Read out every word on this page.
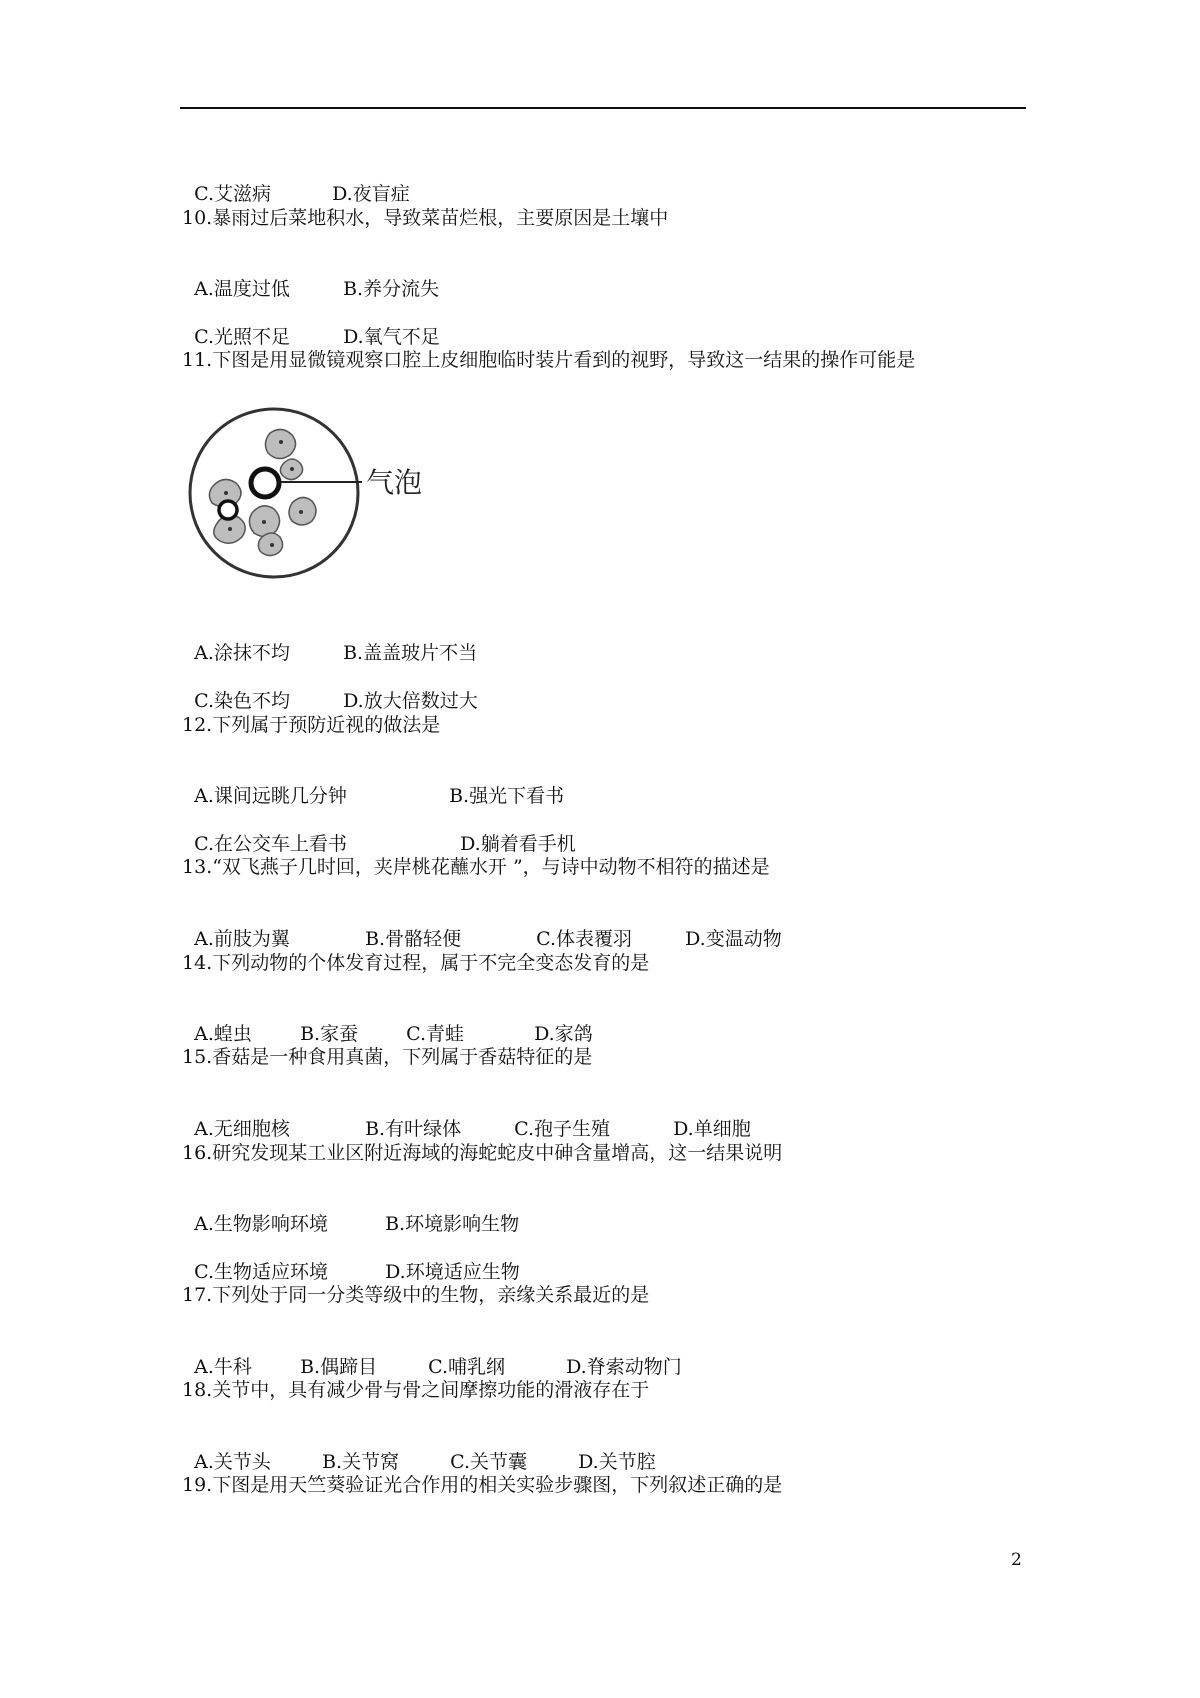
C.艾滋病	D.夜盲症

10.暴雨过后菜地积水，导致菜苗烂根，主要原因是土壤中

A.温度过低	B.养分流失

C.光照不足	D.氧气不足

11.下图是用显微镜观察口腔上皮细胞临时装片看到的视野，导致这一结果的操作可能是
气泡

A.涂抹不均	B.盖盖玻片不当

C.染色不均	D.放大倍数过大

12.下列属于预防近视的做法是

A.课间远眺几分钟	B.强光下看书

C.在公交车上看书	D.躺着看手机

13.“双飞燕子几时回，夹岸桃花蘸水开 ”，与诗中动物不相符的描述是

A.前肢为翼	B.骨骼轻便	C.体表覆羽	D.变温动物

14.下列动物的个体发育过程，属于不完全变态发育的是

A.蝗虫	B.家蚕	C.青蛙	D.家鸽

15.香菇是一种食用真菌，下列属于香菇特征的是

A.无细胞核	B.有叶绿体	C.孢子生殖	D.单细胞

16.研究发现某工业区附近海域的海蛇蛇皮中砷含量增高，这一结果说明

A.生物影响环境	B.环境影响生物

C.生物适应环境	D.环境适应生物

17.下列处于同一分类等级中的生物，亲缘关系最近的是

A.牛科	B.偶蹄目	C.哺乳纲	D.脊索动物门

18.关节中，具有减少骨与骨之间摩擦功能的滑液存在于

A.关节头	B.关节窝	C.关节囊	D.关节腔

19.下图是用天竺葵验证光合作用的相关实验步骤图，下列叙述正确的是
2
